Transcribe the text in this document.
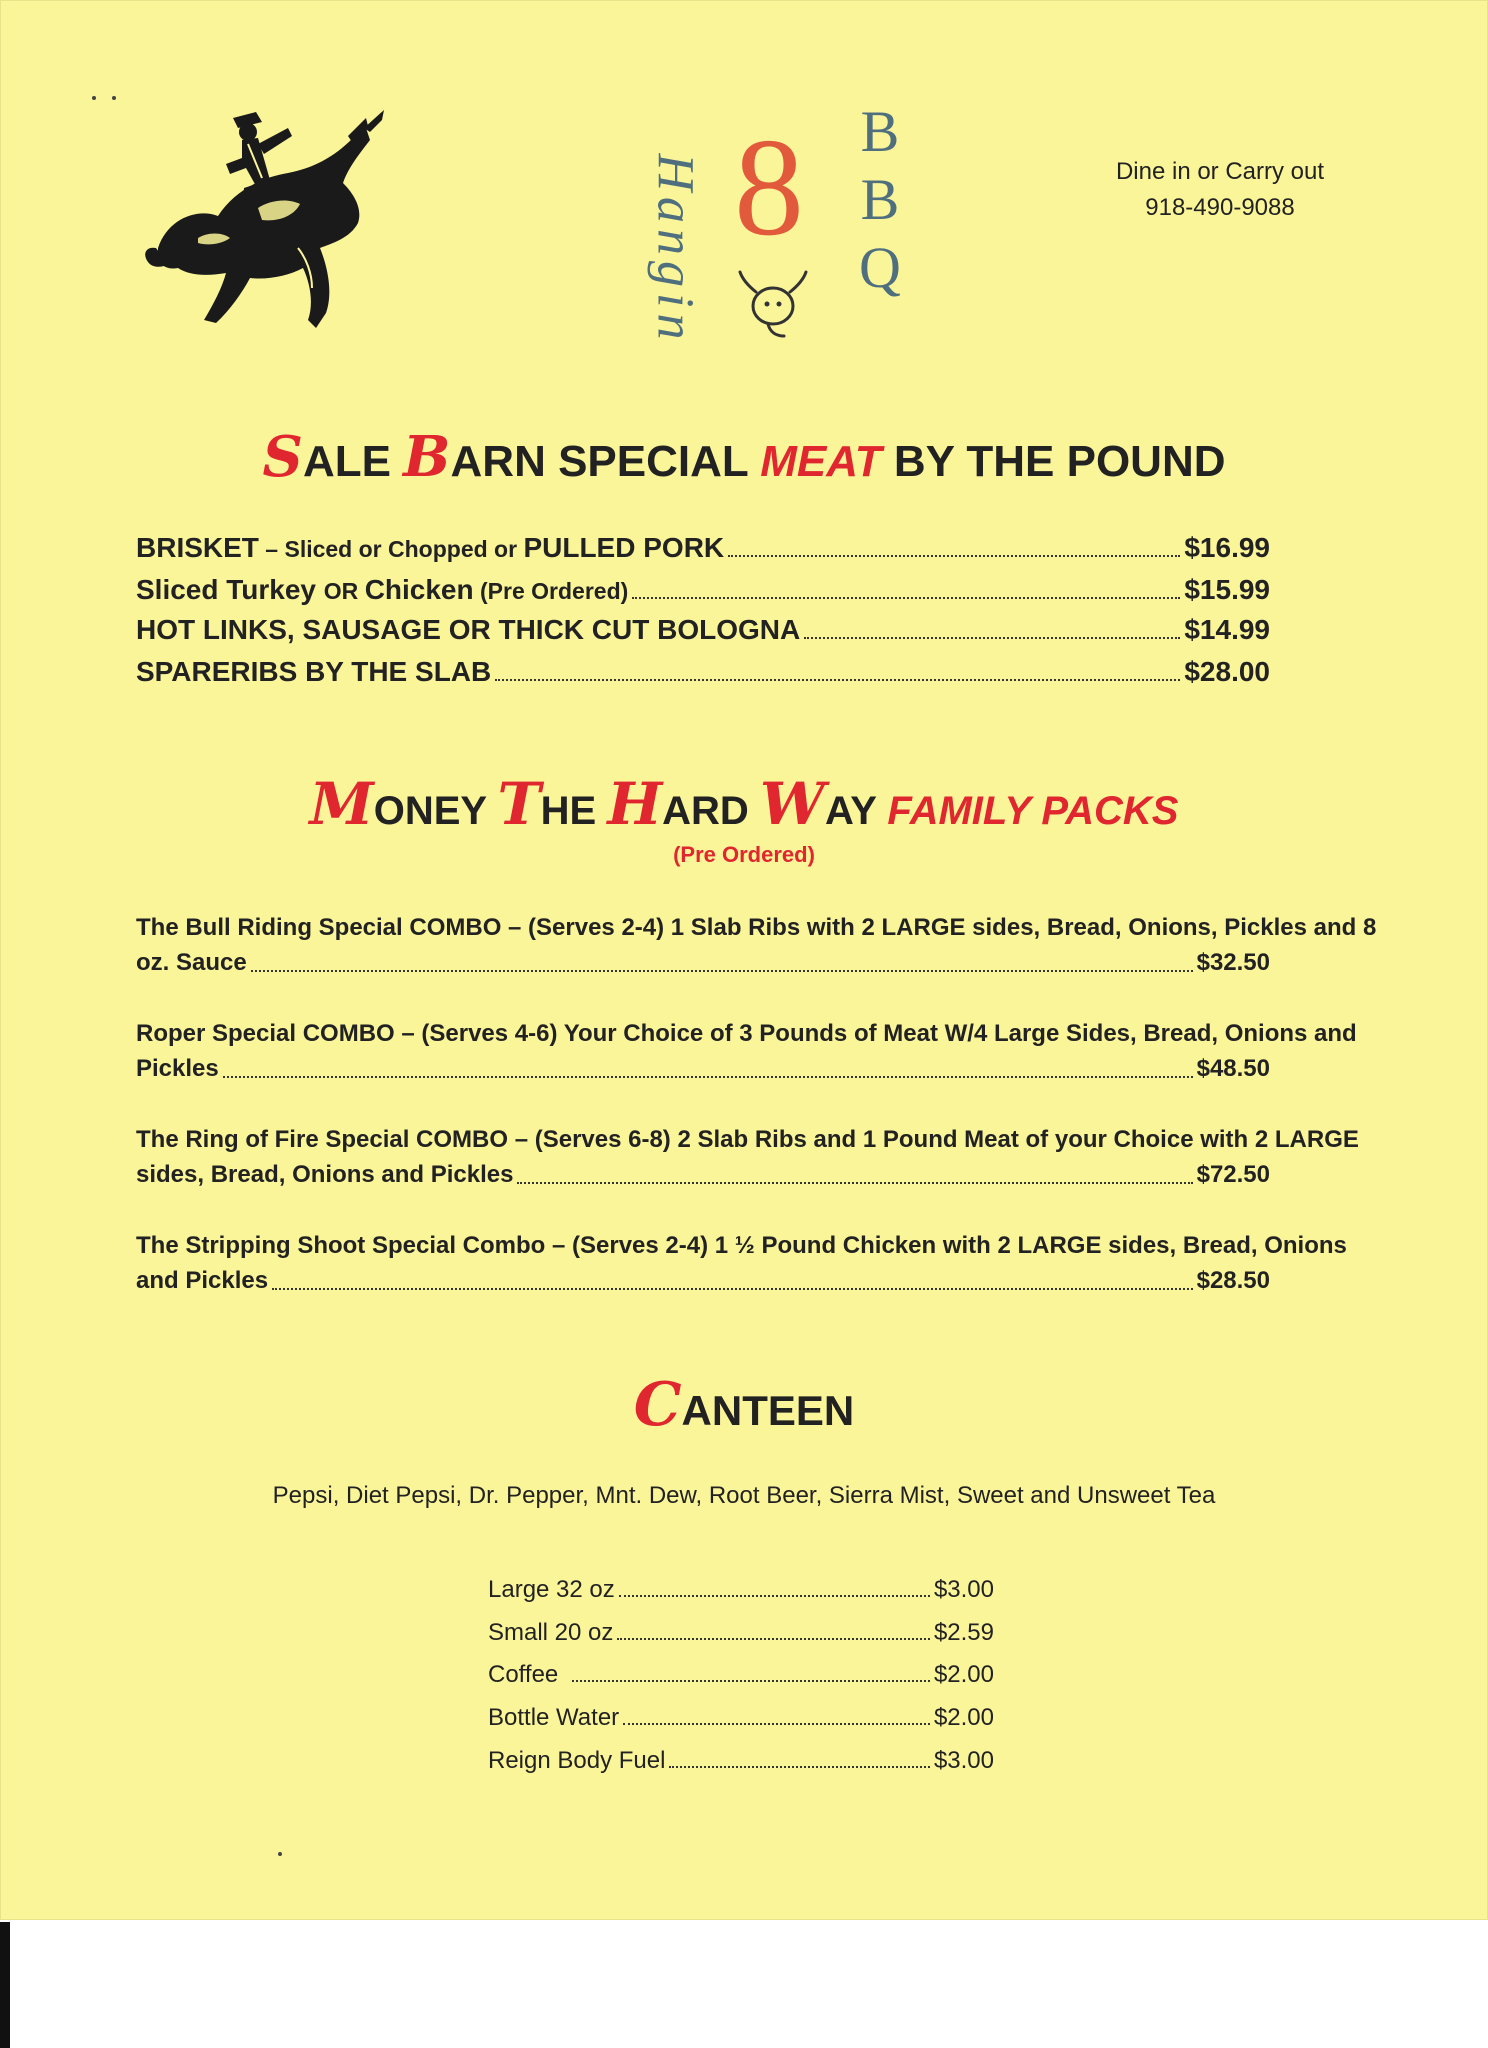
Hangin 8 B
B
Q
Dine in or Carry out
918-490-9088
SALE BARN SPECIAL MEAT BY THE POUND
BRISKET – Sliced or Chopped or PULLED PORK	$16.99
Sliced Turkey OR Chicken (Pre Ordered)	$15.99
HOT LINKS, SAUSAGE OR THICK CUT BOLOGNA	$14.99
SPARERIBS BY THE SLAB	$28.00
MONEY THE HARD WAY FAMILY PACKS
(Pre Ordered)
The Bull Riding Special COMBO – (Serves 2-4) 1 Slab Ribs with 2 LARGE sides, Bread, Onions, Pickles and 8
oz. Sauce	$32.50
Roper Special COMBO – (Serves 4-6) Your Choice of 3 Pounds of Meat W/4 Large Sides, Bread, Onions and
Pickles	$48.50
The Ring of Fire Special COMBO – (Serves 6-8) 2 Slab Ribs and 1 Pound Meat of your Choice with 2 LARGE
sides, Bread, Onions and Pickles	$72.50
The Stripping Shoot Special Combo – (Serves 2-4) 1 ½ Pound Chicken with 2 LARGE sides, Bread, Onions
and Pickles	$28.50
CANTEEN
Pepsi, Diet Pepsi, Dr. Pepper, Mnt. Dew, Root Beer, Sierra Mist, Sweet and Unsweet Tea
Large 32 oz	$3.00
Small 20 oz	$2.59
Coffee	$2.00
Bottle Water	$2.00
Reign Body Fuel	$3.00
